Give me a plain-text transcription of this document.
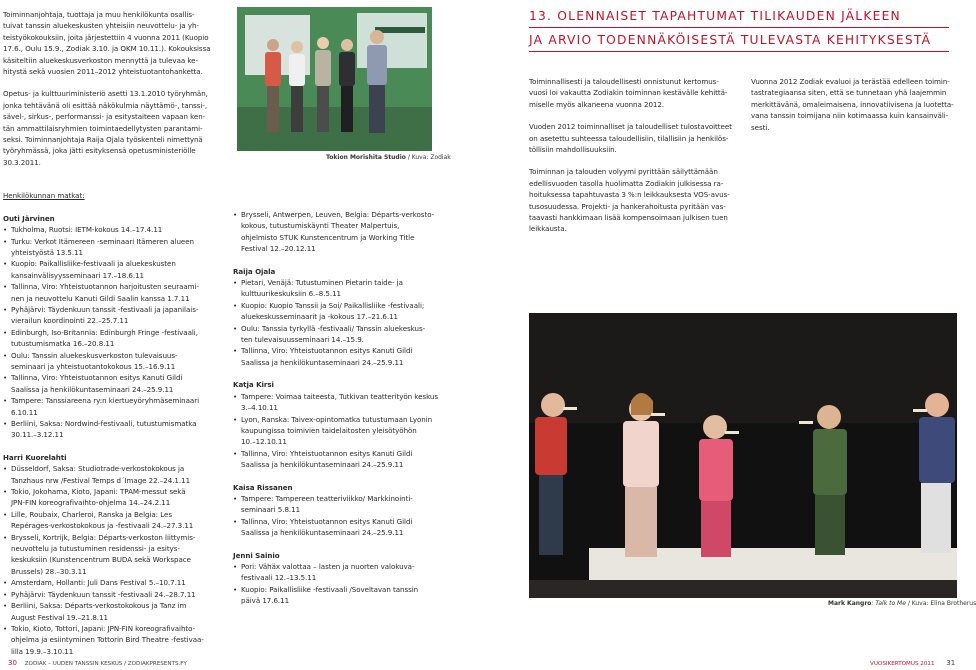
Toiminnanjohtaja, tuottaja ja muu henkilökunta osallis-
tuivat tanssin aluekeskusten yhteisiin neuvottelu- ja yh-
teistyökokouksiin, joita järjestettiin 4 vuonna 2011 (Kuopio
17.6., Oulu 15.9., Zodiak 3.10. ja OKM 10.11.). Kokouksissa
käsiteltiin aluekeskusverkoston mennyttä ja tulevaa ke-
hitystä sekä vuosien 2011–2012 yhteistuotantohanketta.
Opetus- ja kulttuuriministeriö asetti 13.1.2010 työryhmän,
jonka tehtävänä oli esittää näkökulmia näyttämö-, tanssi-,
sävel-, sirkus-, performanssi- ja esitystaiteen vapaan ken-
tän ammattilaisryhmien toimintaedellytysten parantami-
seksi. Toiminnanjohtaja Raija Ojala työskenteli nimettynä
työryhmässä, joka jätti esityksensä opetusministeriölle
30.3.2011.

Henkilökunnan matkat:

Outi Järvinen

• Tukholma, Ruotsi: IETM-kokous 14.–17.4.11
• Turku: Verkot Itämereen -seminaari Itämeren alueen
yhteistyöstä 13.5.11
• Kuopio: Paikallisliike-festivaali ja aluekeskusten
kansainvälisyysseminaari 17.–18.6.11
• Tallinna, Viro: Yhteistuotannon harjoitusten seuraami-
nen ja neuvottelu Kanuti Gildi Saalin kanssa 1.7.11
• Pyhäjärvi: Täydenkuun tanssit -festivaali ja japanilais-
vierailun koordinointi 22.–25.7.11
• Edinburgh, Iso-Britannia: Edinburgh Fringe -festivaali,
tutustumismatka 16.–20.8.11
• Oulu: Tanssin aluekeskusverkoston tulevaisuus-
seminaari ja yhteistuotantokokous 15.–16.9.11
• Tallinna, Viro: Yhteistuotannon esitys Kanuti Gildi
Saalissa ja henkilökuntaseminaari 24.–25.9.11
• Tampere: Tanssiareena ry:n kiertueyöryhmäseminaari
6.10.11
• Berliini, Saksa: Nordwind-festivaali, tutustumismatka
30.11.–3.12.11

Harri Kuorelahti

• Düsseldorf, Saksa: Studiotrade-verkostokokous ja
Tanzhaus nrw /Festival Temps d´Image 22.–24.1.11
• Tokio, Jokohama, Kioto, Japani: TPAM-messut sekä
JPN-FIN koreografivaihto-ohjelma 14.–24.2.11
• Lille, Roubaix, Charleroi, Ranska ja Belgia: Les
Repérages-verkostokokous ja -festivaali 24.–27.3.11
• Brysseli, Kortrijk, Belgia: Départs-verkoston liittymis-
neuvottelu ja tutustuminen residenssi- ja esitys-
keskuksiin (Kunstencentrum BUDA sekä Workspace
Brussels) 28.–30.3.11
• Amsterdam, Hollanti: Juli Dans Festival 5.–10.7.11
• Pyhäjärvi: Täydenkuun tanssit -festivaali 24.–28.7.11
• Berliini, Saksa: Départs-verkostokokous ja Tanz im
August Festival 19.–21.8.11
• Tokio, Kioto, Tottori, Japani: JPN-FIN koreografivaihto-
ohjelma ja esiintyminen Tottorin Bird Theatre -festivaa-
lilla 19.9.–3.10.11
Tokion Morishita Studio / Kuva: Zodiak
• Brysseli, Antwerpen, Leuven, Belgia: Départs-verkosto-
kokous, tutustumiskäynti Theater Malpertuis,
ohjelmisto STUK Kunstencentrum ja Working Title
Festival 12.–20.12.11

Raija Ojala

• Pietari, Venäjä: Tutustuminen Pietarin taide- ja
kulttuurikeskuksiin 6.–8.5.11
• Kuopio: Kuopio Tanssii ja Soi/ Paikallisliike -festivaali;
aluekeskusseminaarit ja -kokous 17.–21.6.11
• Oulu: Tanssia tyrkyllä -festivaali/ Tanssin aluekeskus-
ten tulevaisuusseminaari 14.–15.9.
• Tallinna, Viro: Yhteistuotannon esitys Kanuti Gildi
Saalissa ja henkilökuntaseminaari 24.–25.9.11

Katja Kirsi

• Tampere: Voimaa taiteesta, Tutkivan teatterityön keskus
3.–4.10.11
• Lyon, Ranska: Taivex-opintomatka tutustumaan Lyonin
kaupungissa toimivien taidelaitosten yleisötyöhön
10.–12.10.11
• Tallinna, Viro: Yhteistuotannon esitys Kanuti Gildi
Saalissa ja henkilökuntaseminaari 24.–25.9.11

Kaisa Rissanen

• Tampere: Tampereen teatteriviikko/ Markkinointi-
seminaari 5.8.11
• Tallinna, Viro: Yhteistuotannon esitys Kanuti Gildi
Saalissa ja henkilökuntaseminaari 24.–25.9.11

Jenni Sainio

• Pori: Vähäx valottaa – lasten ja nuorten valokuva-
festivaali 12.–13.5.11
• Kuopio: Paikallisliike -festivaali /Soveltavan tanssin
päivä 17.6.11
13. OLENNAISET TAPAHTUMAT TILIKAUDEN JÄLKEEN
JA ARVIO TODENNÄKÖISESTÄ TULEVASTA KEHITYKSESTÄ
Toiminnallisesti ja taloudellisesti onnistunut kertomus-
vuosi loi vakautta Zodiakin toiminnan kestävälle kehittä-
miselle myös alkaneena vuonna 2012.
Vuoden 2012 toiminnalliset ja taloudelliset tulostavoitteet
on asetettu suhteessa taloudellisiin, tilallisiin ja henkilös-
töllisiin mahdollisuuksiin.
Toiminnan ja talouden volyymi pyrittään säilyttämään
edellisvuoden tasolla huolimatta Zodiakin julkisessa ra-
hoituksessa tapahtuvasta 3 %:n leikkauksesta VOS-avus-
tusosuudessa. Projekti- ja hankerahoitusta pyritään vas-
taavasti hankkimaan lisää kompensoimaan julkisen tuen
leikkausta.
Vuonna 2012 Zodiak evaluoi ja terästää edelleen toimin-
tastrategiaansa siten, että se tunnetaan yhä laajemmin
merkittävänä, omaleimaisena, innovatiivisena ja luotetta-
vana tanssin toimijana niin kotimaassa kuin kansainväli-
sesti.
Mark Kangro: Talk to Me / Kuva: Elina Brotherus
30 ZODIAK – UUDEN TANSSIN KESKUS / ZODIAKPRESENTS.FY	VUOSIKERTOMUS 2011 31
